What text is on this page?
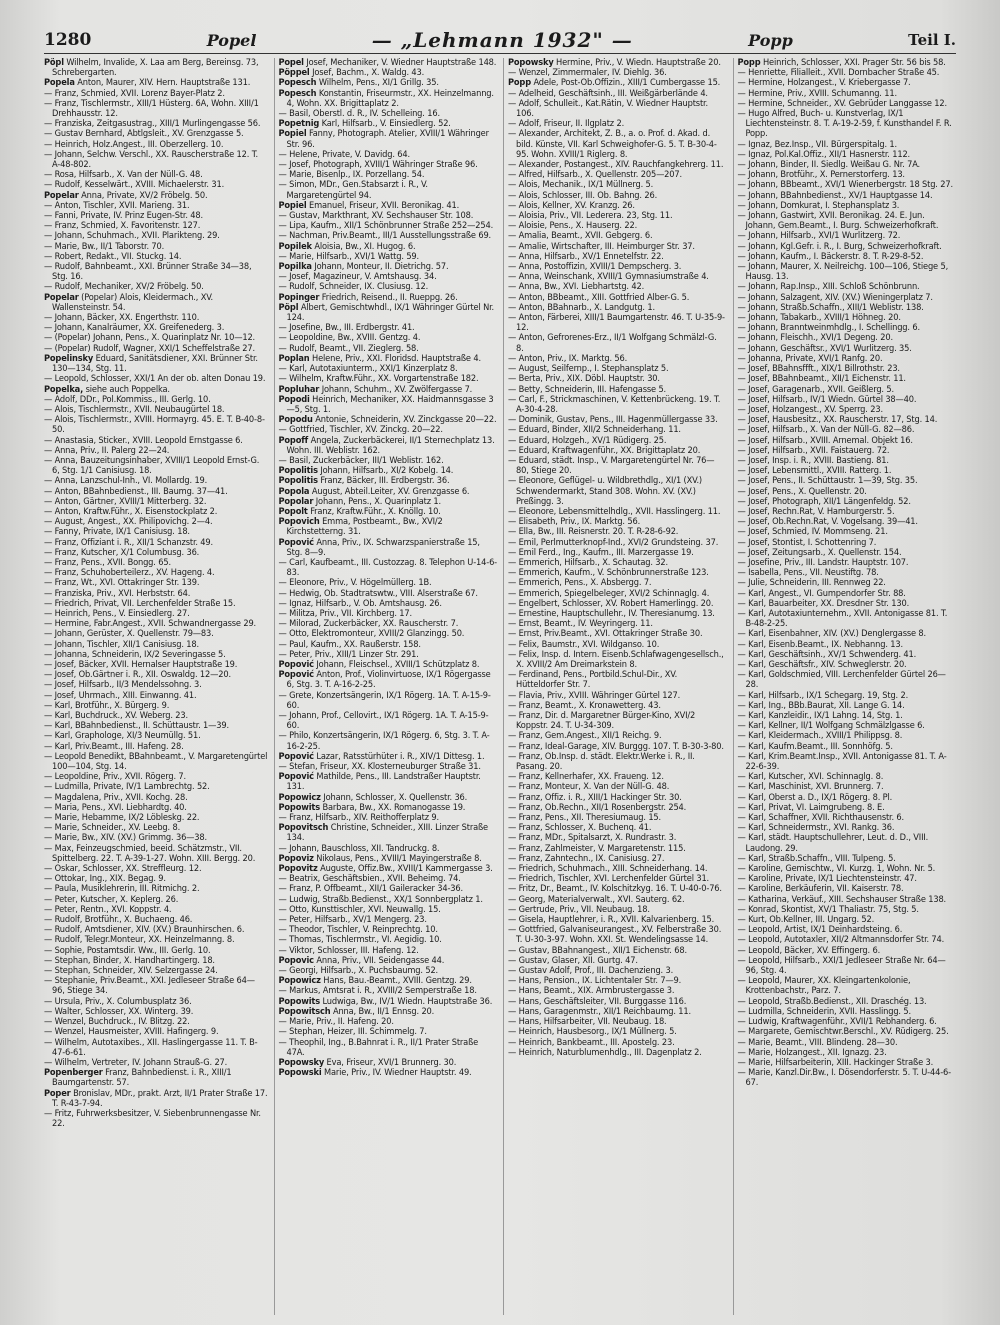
1280	Popel	— „Lehmann 1932" —	Popp	Teil I.

Pöpl Wilhelm, Invalide, X. Laa am Berg, Bereinsg. 73, Schrebergarten.

Popela Anton, Maurer, XIV. Hern. Hauptstraße 131.

— Franz, Schmied, XVII. Lorenz Bayer-Platz 2.

— Franz, Tischlermstr., XIII/1 Hüsterg. 6A, Wohn. XIII/1 Drehhausstr. 12.

— Franziska, Zeitgasustrag., XIII/1 Murlingengasse 56.

— Gustav Bernhard, Abtlgsleit., XV. Grenzgasse 5.

— Heinrich, Holz.Angest., III. Oberzellerg. 10.

— Johann, Selchw. Verschl., XX. Rauscherstraße 12. T. A-48-802.

— Rosa, Hilfsarb., X. Van der Nüll-G. 48.

— Rudolf, Kesselwärt., XVIII. Michaelerstr. 31.

Popelar Anna, Private, XV/2 Fröbelg. 50.

— Anton, Tischler, XVII. Marieng. 31.

— Fanni, Private, IV. Prinz Eugen-Str. 48.

— Franz, Schmied, X. Favoritenstr. 127.

— Johann, Schuhmach., XVII. Plarikteng. 29.

— Marie, Bw., II/1 Taborstr. 70.

— Robert, Redakt., VII. Stuckg. 14.

— Rudolf, Bahnbeamt., XXI. Brünner Straße 34—38, Stg. 16.

— Rudolf, Mechaniker, XV/2 Fröbelg. 50.

Popelar (Popelar) Alois, Kleidermach., XV. Wallensteinstr. 54.

— Johann, Bäcker, XX. Engerthstr. 110.

— Johann, Kanalräumer, XX. Greifenederg. 3.

— (Popelar) Johann, Pens., X. Quarinplatz Nr. 10—12.

— (Popelar) Rudolf, Wagner, XXI/1 Scheffelstraße 27.

Popelinsky Eduard, Sanitätsdiener, XXI. Brünner Str. 130—134, Stg. 11.

— Leopold, Schlosser, XXI/1 An der ob. alten Donau 19.

Popelka, siehe auch Poppelka.

— Adolf, DDr., Pol.Kommiss., III. Gerlg. 10.

— Alois, Tischlermstr., XVII. Neubaugürtel 18.

— Alois, Tischlermstr., XVIII. Hormayrg. 45. E. T. B-40-8-50.

— Anastasia, Sticker., XVIII. Leopold Ernstgasse 6.

— Anna, Priv., II. Palerg 22—24.

— Anna, Bauzeitungsinhaber, XVIII/1 Leopold Ernst-G. 6, Stg. 1/1 Canisiusg. 18.

— Anna, Lanzschul-Inh., VI. Mollardg. 19.

— Anton, BBahnbedienst., III. Baumg. 37—41.

— Anton, Gärtner, XVIII/1 Mitterberg. 32.

— Anton, Kraftw.Führ., X. Eisenstockplatz 2.

— August, Angest., XX. Philipovichg. 2—4.

— Fanny, Private, IX/1 Canisiusg. 18.

— Franz, Offiziant i. R., XII/1 Schanzstr. 49.

— Franz, Kutscher, X/1 Columbusg. 36.

— Franz, Pens., XVII. Bongg. 65.

— Franz, Schuhoberteilerz., XV. Hageng. 4.

— Franz, Wt., XVI. Ottakringer Str. 139.

— Franziska, Priv., XVI. Herbststr. 64.

— Friedrich, Privat, VII. Lerchenfelder Straße 15.

— Heinrich, Pens., V. Einsiedlerg. 27.

— Hermine, Fabr.Angest., XVII. Schwandnergasse 29.

— Johann, Gerüster, X. Quellenstr. 79—83.

— Johann, Tischler, XII/1 Canisiusg. 18.

— Johanna, Schneiderin, IX/2 Severingasse 5.

— Josef, Bäcker, XVII. Hernalser Hauptstraße 19.

— Josef, Ob.Gärtner i. R., XII. Oswaldg. 12—20.

— Josef, Hilfsarb., II/3 Mendelssohng. 3.

— Josef, Uhrmach., XIII. Einwanng. 41.

— Karl, Brotführ., X. Bürgerg. 9.

— Karl, Buchdruck., XV. Weberg. 23.

— Karl, BBahnbedienst., II. Schüttaustr. 1—39.

— Karl, Graphologe, XI/3 Neumüllg. 51.

— Karl, Priv.Beamt., III. Hafeng. 28.

— Leopold Benedikt, BBahnbeamt., V. Margaretengürtel 100—104, Stg. 14.

— Leopoldine, Priv., XVII. Rögerg. 7.

— Ludmilla, Private, IV/1 Lambrechtg. 52.

— Magdalena, Priv., XVII. Kochg. 28.

— Maria, Pens., XVI. Liebhardtg. 40.

— Marie, Hebamme, IX/2 Löbleskg. 22.

— Marie, Schneider., XV. Leebg. 8.

— Marie, Bw., XIV. (XV.) Grimmg. 36—38.

— Max, Feinzeugschmied, beeid. Schätzmstr., VII. Spittelberg. 22. T. A-39-1-27. Wohn. XIII. Bergg. 20.

— Oskar, Schlosser, XX. Streffleurg. 12.

— Ottokar, Ing., XIX. Begag. 9.

— Paula, Musiklehrerin, III. Ritmichg. 2.

— Peter, Kutscher, X. Keplerg. 26.

— Peter, Rentn., XVI. Koppstr. 4.

— Rudolf, Brotführ., X. Buchaeng. 46.

— Rudolf, Amtsdiener, XIV. (XV.) Braunhirschen. 6.

— Rudolf, Telegr.Monteur, XX. Heinzelmanng. 8.

— Sophie, Postamtsdir. Ww., III. Gerlg. 10.

— Stephan, Binder, X. Handhartingerg. 18.

— Stephan, Schneider, XIV. Selzergasse 24.

— Stephanie, Priv.Beamt., XXI. Jedleseer Straße 64—96, Stiege 34.

— Ursula, Priv., X. Columbusplatz 36.

— Walter, Schlosser, XX. Winterg. 39.

— Wenzel, Buchdruck., IV. Blitzg. 22.

— Wenzel, Hausmeister, XVIII. Hafingerg. 9.

— Wilhelm, Autotaxibes., XII. Haslingergasse 11. T. B-47-6-61.

— Wilhelm, Vertreter, IV. Johann Strauß-G. 27.

Popenberger Franz, Bahnbedienst. i. R., XIII/1 Baumgartenstr. 57.

Poper Bronislav, MDr., prakt. Arzt, II/1 Prater Straße 17. T. R-43-7-94.

— Fritz, Fuhrwerksbesitzer, V. Siebenbrunnengasse Nr. 22.

Popel Josef, Mechaniker, V. Wiedner Hauptstraße 148.

Pöppel Josef, Bachm., X. Waldg. 43.

Popesch Wilhelm, Pens., XI/1 Grillg. 35.

Popesch Konstantin, Friseurmstr., XX. Heinzelmanng. 4, Wohn. XX. Brigittaplatz 2.

— Basil, Oberstl. d. R., IV. Schelleing. 16.

Popetnig Karl, Hilfsarb., V. Einsiedlerg. 52.

Popiel Fanny, Photograph. Atelier, XVIII/1 Währinger Str. 96.

— Helene, Private, V. Davidg. 64.

— Josef, Photograph, XVIII/1 Währinger Straße 96.

— Marie, Bisenlp., IX. Porzellang. 54.

— Simon, MDr., Gen.Stabsarzt i. R., V. Margaretengürtel 94.

Popiel Emanuel, Friseur, XVII. Beronikag. 41.

— Gustav, Markthrant, XV. Sechshauser Str. 108.

— Lipa, Kaufm., XII/1 Schönbrunner Straße 252—254.

— Nachman, Priv.Beamt., III/1 Ausstellungsstraße 69.

Popilek Aloisia, Bw., XI. Hugog. 6.

— Marie, Hilfsarb., XVI/1 Wattg. 59.

Popilka Johann, Monteur, II. Dietrichg. 57.

— Josef, Magazineur, V. Amtshausg. 34.

— Rudolf, Schneider, IX. Clusiusg. 12.

Popinger Friedrich, Reisend., II. Rueppg. 26.

Pöpl Albert, Gemischtwhdl., IX/1 Währinger Gürtel Nr. 124.

— Josefine, Bw., III. Erdbergstr. 41.

— Leopoldine, Bw., XVIII. Gentzg. 4.

— Rudolf, Beamt., VII. Zieglerg. 58.

Poplan Helene, Priv., XXI. Floridsd. Hauptstraße 4.

— Karl, Autotaxiunterm., XXI/1 Kinzerplatz 8.

— Wilhelm, Kraftw.Führ., XX. Vorgartenstraße 182.

Popluhar Johann, Schuhm., XV. Zwölfergasse 7.

Popodi Heinrich, Mechaniker, XX. Haidmannsgasse 3—5, Stg. 1.

Popodu Antonie, Schneiderin, XV. Zinckgasse 20—22.

— Gottfried, Tischler, XV. Zinckg. 20—22.

Popoff Angela, Zuckerbäckerei, II/1 Sternechplatz 13. Wohn. III. Weblistr. 162.

— Basil, Zuckerbäcker, III/1 Weblistr. 162.

Popolitis Johann, Hilfsarb., XI/2 Kobelg. 14.

Popolitis Franz, Bäcker, III. Erdbergstr. 36.

Popola August, Abteil.Leiter, XV. Grenzgasse 6.

Popolar Johann, Pens., X. Quarinplatz 1.

Popolt Franz, Kraftw.Führ., X. Knöllg. 10.

Popovich Emma, Postbeamt., Bw., XVI/2 Kirchstetterng. 31.

Popović Anna, Priv., IX. Schwarzspanierstraße 15, Stg. 8—9.

— Carl, Kaufbeamt., III. Custozzag. 8. Telephon U-14-6-83.

— Eleonore, Priv., V. Högelmüllerg. 1B.

— Hedwig, Ob. Stadtratswtw., VIII. Alserstraße 67.

— Ignaz, Hilfsarb., V. Ob. Amtshausg. 26.

— Militza, Priv., VII. Kirchberg. 17.

— Milorad, Zuckerbäcker, XX. Rauscherstr. 7.

— Otto, Elektromonteur, XVIII/2 Glanzingg. 50.

— Paul, Kaufm., XX. Raußerstr. 158.

— Peter, Priv., XIII/1 Linzer Str. 291.

Popović Johann, Fleischsel., XVIII/1 Schützplatz 8.

Popović Anton, Prof., Violinvirtuose, IX/1 Rögergasse 6, Stg. 3. T. A-16-2-25.

— Grete, Konzertsängerin, IX/1 Rögerg. 1A. T. A-15-9-60.

— Johann, Prof., Cellovirt., IX/1 Rögerg. 1A. T. A-15-9-60.

— Philo, Konzertsängerin, IX/1 Rögerg. 6, Stg. 3. T. A-16-2-25.

Popović Lazar, Ratsstürhüter i. R., XIV/1 Dittesg. 1.

— Stefan, Friseur, XX. Klosterneuburger Straße 31.

Popović Mathilde, Pens., III. Landstraßer Hauptstr. 131.

Popowicz Johann, Schlosser, X. Quellenstr. 36.

Popowits Barbara, Bw., XX. Romanogasse 19.

— Franz, Hilfsarb., XIV. Reithofferplatz 9.

Popovitsch Christine, Schneider., XIII. Linzer Straße 134.

— Johann, Bauschloss, XII. Tandruckg. 8.

Popoviz Nikolaus, Pens., XVIII/1 Mayingerstraße 8.

Popovitz Auguste, Offiz.Bw., XVIII/1 Kammergasse 3.

— Beatrix, Geschäftsbien., XVII. Beheimg. 74.

— Franz, P. Offbeamt., XII/1 Gaileracker 34-36.

— Ludwig, Straßb.Bedienst., XX/1 Sonnbergplatz 1.

— Otto, Kunsttischler, XVI. Neuwallg. 15.

— Peter, Hilfsarb., XV/1 Mengerg. 23.

— Theodor, Tischler, V. Reinprechtg. 10.

— Thomas, Tischlermstr., VI. Aegidig. 10.

— Viktor, Schlosser, III. Hafeng. 12.

Popovic Anna, Priv., VII. Seidengasse 44.

— Georgi, Hilfsarb., X. Puchsbaumg. 52.

Popowicz Hans, Bau.-Beamt., XVIII. Gentzg. 29.

— Markus, Amtsrat i. R., XVIII/2 Semperstraße 18.

Popowits Ludwiga, Bw., IV/1 Wiedn. Hauptstraße 36.

Popowitsch Anna, Bw., II/1 Ennsg. 20.

— Marie, Priv., II. Hafeng. 20.

— Stephan, Heizer, III. Schimmelg. 7.

— Theophil, Ing., B.Bahnrat i. R., II/1 Prater Straße 47A.

Popowsky Eva, Friseur, XVI/1 Brunnerg. 30.

Popowski Marie, Priv., IV. Wiedner Hauptstr. 49.

Popowsky Hermine, Priv., V. Wiedn. Hauptstraße 20.

— Wenzel, Zimmermaler, IV. Diehlg. 36.

Popp Adele, Post-Ob.Offizin., XIII/1 Cumbergasse 15.

— Adelheid, Geschäftsinh., III. Weißgärberlände 4.

— Adolf, Schulleit., Kat.Rätin, V. Wiedner Hauptstr. 106.

— Adolf, Friseur, II. Ilgplatz 2.

— Alexander, Architekt, Z. B., a. o. Prof. d. Akad. d. bild. Künste, VII. Karl Schweighofer-G. 5. T. B-30-4-95. Wohn. XVIII/1 Riglerg. 8.

— Alexander, Postangest., XIV. Rauchfangkehrerg. 11.

— Alfred, Hilfsarb., X. Quellenstr. 205—207.

— Alois, Mechanik., IX/1 Müllnerg. 5.

— Alois, Schlosser, III. Ob. Bahng. 26.

— Alois, Kellner, XV. Kranzg. 26.

— Aloisia, Priv., VII. Lederera. 23, Stg. 11.

— Aloisie, Pens., X. Hauserg. 22.

— Amalia, Beamt., XVII. Gebgerg. 6.

— Amalie, Wirtschafter, III. Heimburger Str. 37.

— Anna, Hilfsarb., XV/1 Ennetelfstr. 22.

— Anna, Postoffizin, XVIII/1 Dempscherg. 3.

— Anna, Weinschank, XVIII/1 Gymnasiumstraße 4.

— Anna, Bw., XVI. Liebhartstg. 42.

— Anton, BBbeamt., XIII. Gottfried Alber-G. 5.

— Anton, BBahnarb., X. Landgutg. 1.

— Anton, Färberei, XIII/1 Baumgartenstr. 46. T. U-35-9-12.

— Anton, Gefrorenes-Erz., II/1 Wolfgang Schmälzl-G. 8.

— Anton, Priv., IX. Marktg. 56.

— August, Seilfernp., I. Stephansplatz 5.

— Berta, Priv., XIX. Döbl. Hauptstr. 30.

— Betty, Schneiderin, III. Hafengasse 5.

— Carl, F., Strickmaschinen, V. Kettenbrückeng. 19. T. A-30-4-28.

— Dominik, Gustav, Pens., III. Hagenmüllergasse 33.

— Eduard, Binder, XII/2 Schneiderhang. 11.

— Eduard, Holzgeh., XV/1 Rüdigerg. 25.

— Eduard, Kraftwagenführ., XX. Brigittaplatz 20.

— Eduard, städt. Insp., V. Margaretengürtel Nr. 76—80, Stiege 20.

— Eleonore, Geflügel- u. Wildbrethdlg., XI/1 (XV.) Schwendermarkt, Stand 308. Wohn. XV. (XV.) Preßingg. 3.

— Eleonore, Lebensmittelhdlg., XVII. Hasslingerg. 11.

— Elisabeth, Priv., IX. Marktg. 56.

— Ella, Bw., III. Reisnerstr. 20. T. R-28-6-92.

— Emil, Perlmutterknopf-Ind., XVI/2 Grundsteing. 37.

— Emil Ferd., Ing., Kaufm., III. Marzergasse 19.

— Emmerich, Hilfsarb., X. Schautag. 32.

— Emmerich, Kaufm., V. Schönbrunnerstraße 123.

— Emmerich, Pens., X. Absbergg. 7.

— Emmerich, Spiegelbeleger, XVI/2 Schinnaglg. 4.

— Engelbert, Schlosser, XV. Robert Hamerlingg. 20.

— Ernestine, Hauptschullehr., IV. Theresianumg. 13.

— Ernst, Beamt., IV. Weyringerg. 11.

— Ernst, Priv.Beamt., XVI. Ottakringer Straße 30.

— Felix, Baumstr., XVI. Wildganso. 10.

— Felix, Insp. d. Intern. Eisenb.Schlafwagengesellsch., X. XVIII/2 Am Dreimarkstein 8.

— Ferdinand, Pens., Portbild.Schul-Dir., XV. Hütteldorfer Str. 7.

— Flavia, Priv., XVIII. Währinger Gürtel 127.

— Franz, Beamt., X. Kronawetterg. 43.

— Franz, Dir. d. Margaretner Bürger-Kino, XVI/2 Koppstr. 24. T. U-34-309.

— Franz, Gem.Angest., XII/1 Reichg. 9.

— Franz, Ideal-Garage, XIV. Burggg. 107. T. B-30-3-80.

— Franz, Ob.Insp. d. städt. Elektr.Werke i. R., II. Pasang. 20.

— Franz, Kellnerhafer, XX. Fraueng. 12.

— Franz, Monteur, X. Van der Nüll-G. 48.

— Franz, Offiz. i. R., XIII/1 Hackinger Str. 30.

— Franz, Ob.Rechn., XII/1 Rosenbergstr. 254.

— Franz, Pens., XII. Theresiumaug. 15.

— Franz, Schlosser, X. Buchenq. 41.

— Franz, MDr., Spitalsarzt, X. Rundrastr. 3.

— Franz, Zahlmeister, V. Margaretenstr. 115.

— Franz, Zahntechn., IX. Canisiusg. 27.

— Friedrich, Schuhmach., XIII. Schneiderhang. 14.

— Friedrich, Tischler, XVI. Lerchenfelder Gürtel 31.

— Fritz, Dr., Beamt., IV. Kolschitzkyg. 16. T. U-40-0-76.

— Georg, Materialverwalt., XVI. Sauterg. 62.

— Gertrude, Priv., VII. Neubaug. 18.

— Gisela, Hauptlehrer, i. R., XVII. Kalvarienberg. 15.

— Gottfried, Galvaniseurangest., XV. Felberstraße 30. T. U-30-3-97. Wohn. XXI. St. Wendelingsasse 14.

— Gustav, BBahnangest., XII/1 Eichenstr. 68.

— Gustav, Glaser, XII. Gurtg. 47.

— Gustav Adolf, Prof., III. Dachenzieng. 3.

— Hans, Pension., IX. Lichtentaler Str. 7—9.

— Hans, Beamt., XIX. Armbrustergasse 3.

— Hans, Geschäftsleiter, VII. Burggasse 116.

— Hans, Garagenmstr., XII/1 Reichbaumg. 11.

— Hans, Hilfsarbeiter, VII. Neubaug. 18.

— Heinrich, Hausbesorg., IX/1 Müllnerg. 5.

— Heinrich, Bankbeamt., III. Apostelg. 23.

— Heinrich, Naturblumenhdlg., III. Dagenplatz 2.

Popp Heinrich, Schlosser, XXI. Prager Str. 56 bis 58.

— Henriette, Filialleit., XVII. Dornbacher Straße 45.

— Hermine, Holzangest., V. Kriebergasse 7.

— Hermine, Priv., XVIII. Schumanng. 11.

— Hermine, Schneider., XV. Gebrüder Langgasse 12.

— Hugo Alfred, Buch- u. Kunstverlag, IX/1 Liechtensteinstr. 8. T. A-19-2-59, f. Kunsthandel F. R. Popp.

— Ignaz, Bez.Insp., VII. Bürgerspitalg. 1.

— Ignaz, Pol.Kal.Offiz., XII/1 Hasnerstr. 112.

— Johann, Binder, II. Siedlg. Weißau G. Nr. 7A.

— Johann, Brotführ., X. Pernerstorferg. 13.

— Johann, BBbeamt., XVI/1 Wienerbergstr. 18 Stg. 27.

— Johann, BBahnbedienst., XV/1 Hauptgasse 14.

— Johann, Domkurat, I. Stephansplatz 3.

— Johann, Gastwirt, XVII. Beronikag. 24. E. Jun. Johann, Gem.Beamt., I. Burg. Schweizerhofkraft.

— Johann, Hilfsarb., XVI/1 Wurlitzerg. 72.

— Johann, Kgl.Gefr. i. R., I. Burg, Schweizerhofkraft.

— Johann, Kaufm., I. Bäckerstr. 8. T. R-29-8-52.

— Johann, Maurer, X. Neilreichg. 100—106, Stiege 5, Hausg. 13.

— Johann, Rap.Insp., XIII. Schloß Schönbrunn.

— Johann, Salzagent, XIV. (XV.) Wieningerplatz 7.

— Johann, Straßb.Schaffn., XIII/1 Weblistr. 138.

— Johann, Tabakarb., XVIII/1 Höhneg. 20.

— Johann, Branntweinmhdlg., I. Schellingg. 6.

— Johann, Fleischh., XVI/1 Degeng. 20.

— Johann, Geschäftsr., XVI/1 Wurlitzerg. 35.

— Johanna, Private, XVI/1 Ranfg. 20.

— Josef, BBahnsffft., XIX/1 Billrothstr. 23.

— Josef, BBahnbeamt., XII/1 Eichenstr. 11.

— Josef, Garagenarb., XVII. Geißlerg. 5.

— Josef, Hilfsarb., IV/1 Wiedn. Gürtel 38—40.

— Josef, Holzangest., XV. Sperrg. 23.

— Josef, Hausbesitz., XX. Rauscherstr. 17, Stg. 14.

— Josef, Hilfsarb., X. Van der Nüll-G. 82—86.

— Josef, Hilfsarb., XVIII. Arnemal. Objekt 16.

— Josef, Hilfsarb., XVII. Faistauerg. 72.

— Josef, Insp. i. R., XVIII. Bastieng. 81.

— Josef, Lebensmittl., XVIII. Ratterg. 1.

— Josef, Pens., II. Schüttaustr. 1—39, Stg. 35.

— Josef, Pens., X. Quellenstr. 20.

— Josef, Photograph, XII/1 Längenfeldg. 52.

— Josef, Rechn.Rat, V. Hamburgerstr. 5.

— Josef, Ob.Rechn.Rat, V. Vogelsang. 39—41.

— Josef, Schmied, IV. Mommseng. 21.

— Josef, Stontist, I. Schottenring 7.

— Josef, Zeitungsarb., X. Quellenstr. 154.

— Josefine, Priv., III. Landstr. Hauptstr. 107.

— Isabella, Pens., VII. Neustiftg. 78.

— Julie, Schneiderin, III. Rennweg 22.

— Karl, Angest., VI. Gumpendorfer Str. 88.

— Karl, Bauarbeiter, XX. Dresdner Str. 130.

— Karl, Autotaxiunternehm., XVII. Antonigasse 81. T. B-48-2-25.

— Karl, Eisenbahner, XIV. (XV.) Denglergasse 8.

— Karl, Eisenb.Beamt., IX. Nebhanng. 13.

— Karl, Geschäftsinh., XV/1 Schwenderg. 41.

— Karl, Geschäftsfr., XIV. Schweglerstr. 20.

— Karl, Goldschmied, VIII. Lerchenfelder Gürtel 26—28.

— Karl, Hilfsarb., IX/1 Schegarg. 19, Stg. 2.

— Karl, Ing., BBb.Baurat, XII. Lange G. 14.

— Karl, Kanzleidir., IX/1 Lahng. 14, Stg. 1.

— Karl, Kellner, II/1 Wolfgang Schmälzlgasse 6.

— Karl, Kleidermach., XVIII/1 Philippsg. 8.

— Karl, Kaufm.Beamt., III. Sonnhöfg. 5.

— Karl, Krim.Beamt.Insp., XVII. Antonigasse 81. T. A-22-6-39.

— Karl, Kutscher, XVI. Schinnaglg. 8.

— Karl, Maschinist, XVI. Brunnerg. 7.

— Karl, Oberst a. D., IX/1 Rögerg. 8. Pl.

— Karl, Privat, VI. Laimgrubeng. 8. E.

— Karl, Schaffner, XVII. Richthausenstr. 6.

— Karl, Schneidermstr., XVI. Rankg. 36.

— Karl, städt. Hauptschullehrer, Leut. d. D., VIII. Laudong. 29.

— Karl, Straßb.Schaffn., VIII. Tulpeng. 5.

— Karoline, Gemischtw., VI. Kurzg. 1, Wohn. Nr. 5.

— Karoline, Private, IX/1 Liechtensteinstr. 47.

— Karoline, Berkäuferin, VII. Kaiserstr. 78.

— Katharina, Verkäuf., XIII. Sechshauser Straße 138.

— Konrad, Skontist, XV/1 Thaliastr. 75, Stg. 5.

— Kurt, Ob.Kellner, III. Ungarg. 52.

— Leopold, Artist, IX/1 Deinhardsteing. 6.

— Leopold, Autotaxler, XII/2 Altmannsdorfer Str. 74.

— Leopold, Bäcker, XV. Effingerg. 6.

— Leopold, Hilfsarb., XXI/1 Jedleseer Straße Nr. 64—96, Stg. 4.

— Leopold, Maurer, XX. Kleingartenkolonie, Krottenbachstr., Parz. 7.

— Leopold, Straßb.Bedienst., XII. Draschég. 13.

— Ludmilla, Schneiderin, XVII. Hasslingg. 5.

— Ludwig, Kraftwagenführ., XVII/1 Rebhanderg. 6.

— Margarete, Gemischtwr.Berschl., XV. Rüdigerg. 25.

— Marie, Beamt., VIII. Blindeng. 28—30.

— Marie, Holzangest., XII. Ignazg. 23.

— Marie, Hilfsarbeiterin, XIII. Hackinger Straße 3.

— Marie, Kanzl.Dir.Bw., I. Dösendorferstr. 5. T. U-44-6-67.
